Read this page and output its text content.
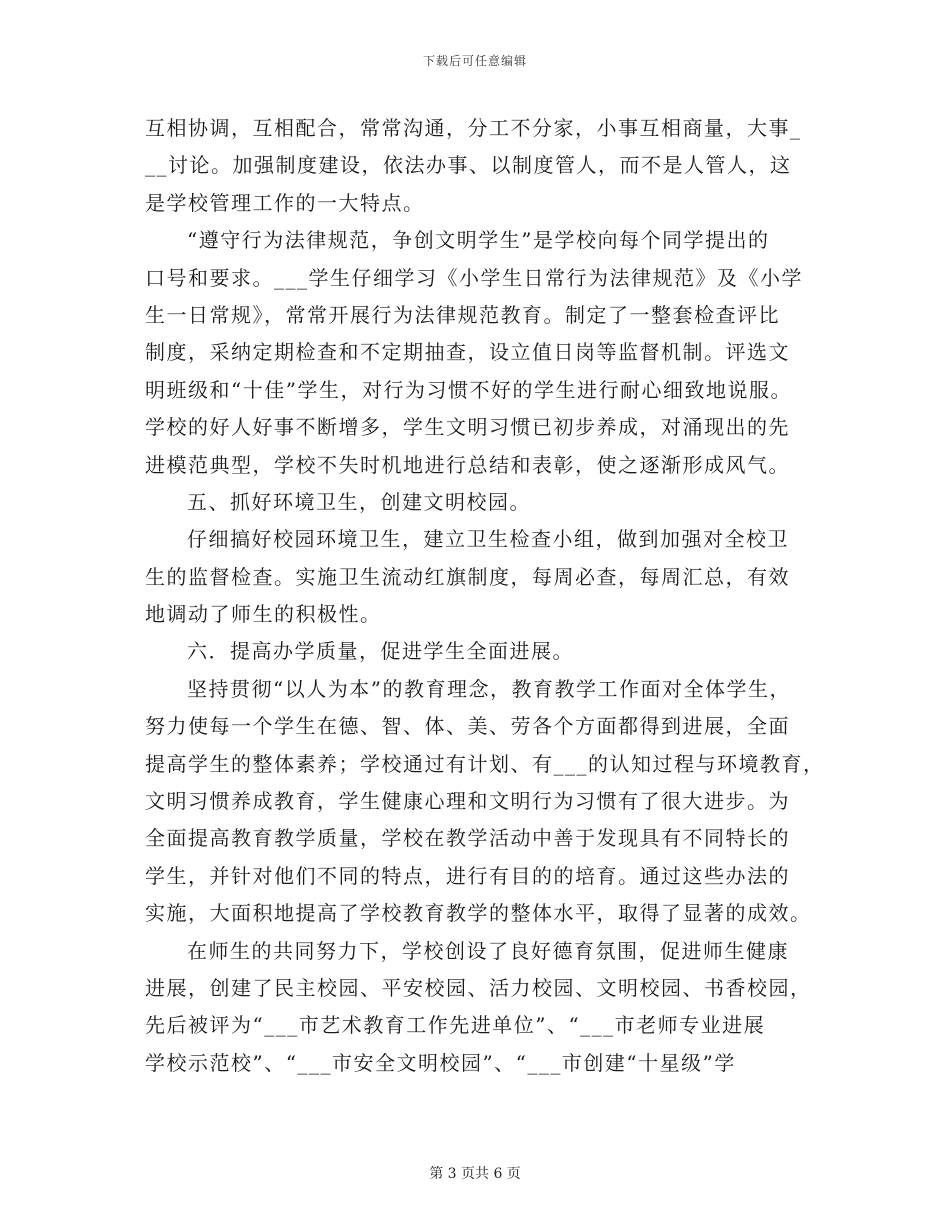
下载后可任意编辑
互相协调，互相配合，常常沟通，分工不分家，小事互相商量，大事_
__讨论。加强制度建设，依法办事、以制度管人，而不是人管人，这
是学校管理工作的一大特点。
“遵守行为法律规范，争创文明学生”是学校向每个同学提出的
口号和要求。___学生仔细学习《小学生日常行为法律规范》及《小学
生一日常规》，常常开展行为法律规范教育。制定了一整套检查评比
制度，采纳定期检查和不定期抽查，设立值日岗等监督机制。评选文
明班级和“十佳”学生，对行为习惯不好的学生进行耐心细致地说服。
学校的好人好事不断增多，学生文明习惯已初步养成，对涌现出的先
进模范典型，学校不失时机地进行总结和表彰，使之逐渐形成风气。
五、抓好环境卫生，创建文明校园。
仔细搞好校园环境卫生，建立卫生检查小组，做到加强对全校卫
生的监督检查。实施卫生流动红旗制度，每周必查，每周汇总，有效
地调动了师生的积极性。
六．提高办学质量，促进学生全面进展。
坚持贯彻“以人为本”的教育理念，教育教学工作面对全体学生，
努力使每一个学生在德、智、体、美、劳各个方面都得到进展，全面
提高学生的整体素养；学校通过有计划、有___的认知过程与环境教育，
文明习惯养成教育，学生健康心理和文明行为习惯有了很大进步。为
全面提高教育教学质量，学校在教学活动中善于发现具有不同特长的
学生，并针对他们不同的特点，进行有目的的培育。通过这些办法的
实施，大面积地提高了学校教育教学的整体水平，取得了显著的成效。
在师生的共同努力下，学校创设了良好德育氛围，促进师生健康
进展，创建了民主校园、平安校园、活力校园、文明校园、书香校园，
先后被评为“___市艺术教育工作先进单位”、“___市老师专业进展
学校示范校”、“___市安全文明校园”、“___市创建“十星级”学
第 3 页共 6 页
